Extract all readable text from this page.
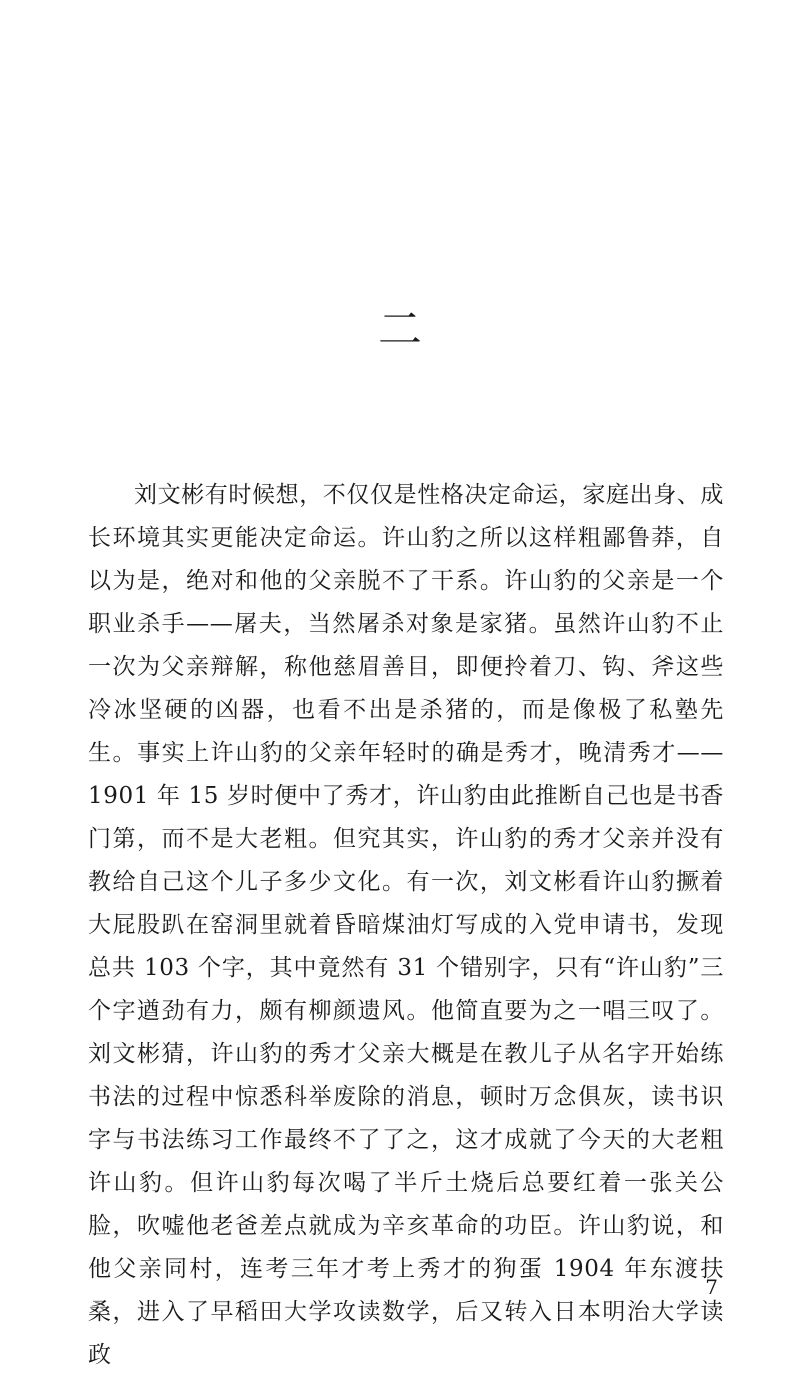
二

刘文彬有时候想，不仅仅是性格决定命运，家庭出身、成长环境其实更能决定命运。许山豹之所以这样粗鄙鲁莽，自以为是，绝对和他的父亲脱不了干系。许山豹的父亲是一个职业杀手——屠夫，当然屠杀对象是家猪。虽然许山豹不止一次为父亲辩解，称他慈眉善目，即便拎着刀、钩、斧这些冷冰坚硬的凶器，也看不出是杀猪的，而是像极了私塾先生。事实上许山豹的父亲年轻时的确是秀才，晚清秀才——1901 年 15 岁时便中了秀才，许山豹由此推断自己也是书香门第，而不是大老粗。但究其实，许山豹的秀才父亲并没有教给自己这个儿子多少文化。有一次，刘文彬看许山豹撅着大屁股趴在窑洞里就着昏暗煤油灯写成的入党申请书，发现总共 103 个字，其中竟然有 31 个错别字，只有“许山豹”三个字遒劲有力，颇有柳颜遗风。他简直要为之一唱三叹了。刘文彬猜，许山豹的秀才父亲大概是在教儿子从名字开始练书法的过程中惊悉科举废除的消息，顿时万念俱灰，读书识字与书法练习工作最终不了了之，这才成就了今天的大老粗许山豹。但许山豹每次喝了半斤土烧后总要红着一张关公脸，吹嘘他老爸差点就成为辛亥革命的功臣。许山豹说，和他父亲同村，连考三年才考上秀才的狗蛋 1904 年东渡扶桑，进入了早稻田大学攻读数学，后又转入日本明治大学读政

7
